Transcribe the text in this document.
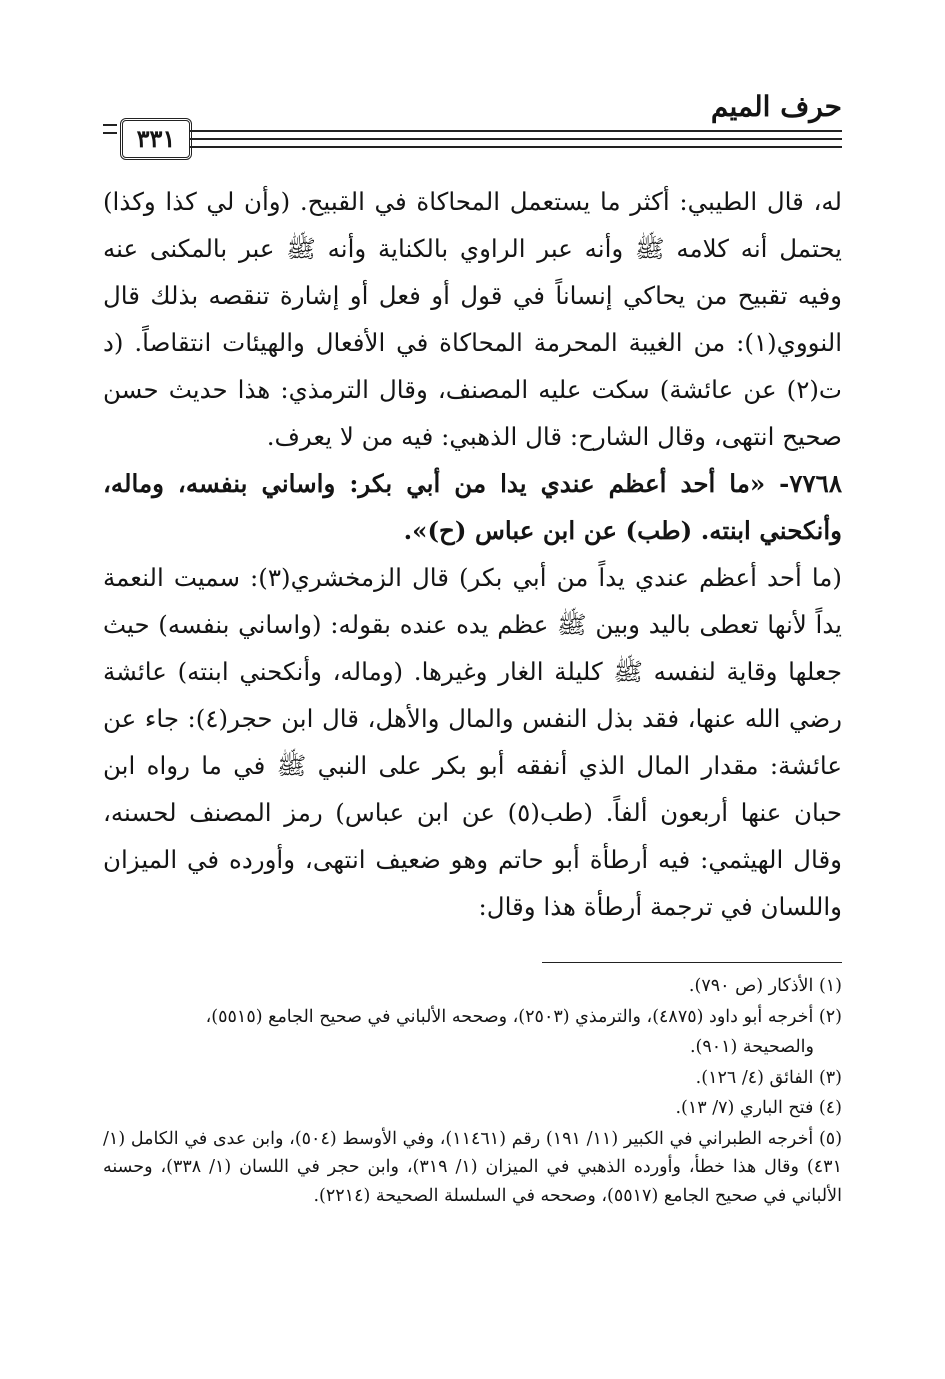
حرف الميم
٣٣١

له، قال الطيبي: أكثر ما يستعمل المحاكاة في القبيح. (وأن لي كذا وكذا) يحتمل أنه كلامه ﷺ وأنه عبر الراوي بالكناية وأنه ﷺ عبر بالمكنى عنه وفيه تقبيح من يحاكي إنساناً في قول أو فعل أو إشارة تنقصه بذلك قال النووي(١): من الغيبة المحرمة المحاكاة في الأفعال والهيئات انتقاصاً. (د ت(٢) عن عائشة) سكت عليه المصنف، وقال الترمذي: هذا حديث حسن صحيح انتهى، وقال الشارح: قال الذهبي: فيه من لا يعرف.

٧٧٦٨- «ما أحد أعظم عندي يدا من أبي بكر: واساني بنفسه، وماله، وأنكحني ابنته. (طب) عن ابن عباس (ح)».

(ما أحد أعظم عندي يداً من أبي بكر) قال الزمخشري(٣): سميت النعمة يداً لأنها تعطى باليد وبين ﷺ عظم يده عنده بقوله: (واساني بنفسه) حيث جعلها وقاية لنفسه ﷺ كليلة الغار وغيرها. (وماله، وأنكحني ابنته) عائشة رضي الله عنها، فقد بذل النفس والمال والأهل، قال ابن حجر(٤): جاء عن عائشة: مقدار المال الذي أنفقه أبو بكر على النبي ﷺ في ما رواه ابن حبان عنها أربعون ألفاً. (طب(٥) عن ابن عباس) رمز المصنف لحسنه، وقال الهيثمي: فيه أرطأة أبو حاتم وهو ضعيف انتهى، وأورده في الميزان واللسان في ترجمة أرطأة هذا وقال:

(١) الأذكار (ص ٧٩٠).

(٢) أخرجه أبو داود (٤٨٧٥)، والترمذي (٢٥٠٣)، وصححه الألباني في صحيح الجامع (٥٥١٥)،

والصحيحة (٩٠١).

(٣) الفائق (٤/ ١٢٦).

(٤) فتح الباري (٧/ ١٣).

(٥) أخرجه الطبراني في الكبير (١١/ ١٩١) رقم (١١٤٦١)، وفي الأوسط (٥٠٤)، وابن عدى في الكامل (١/ ٤٣١) وقال هذا خطأ، وأورده الذهبي في الميزان (١/ ٣١٩)، وابن حجر في اللسان (١/ ٣٣٨)، وحسنه الألباني في صحيح الجامع (٥٥١٧)، وصححه في السلسلة الصحيحة (٢٢١٤).
